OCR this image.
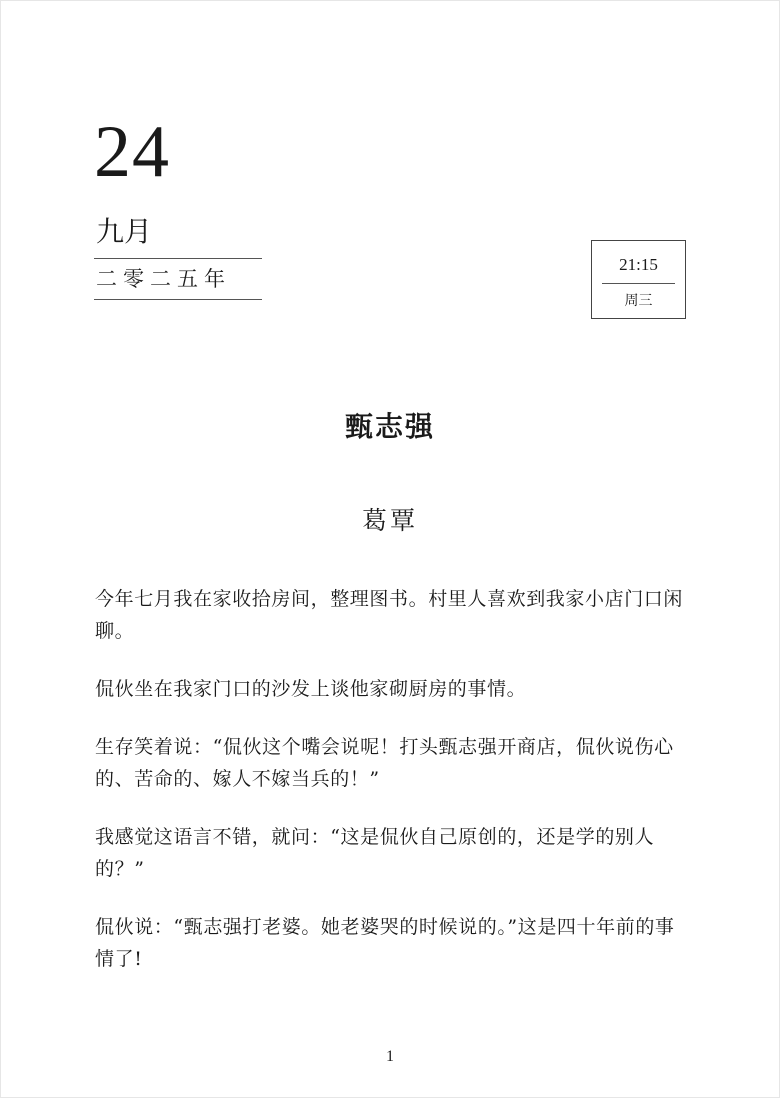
24
九月
二零二五年
21:15
周三
甄志强
葛覃

今年七月我在家收拾房间，整理图书。村里人喜欢到我家小店门口闲聊。

侃伙坐在我家门口的沙发上谈他家砌厨房的事情。

生存笑着说：“侃伙这个嘴会说呢！打头甄志强开商店，侃伙说伤心的、苦命的、嫁人不嫁当兵的！”

我感觉这语言不错，就问：“这是侃伙自己原创的，还是学的别人的？”

侃伙说：“甄志强打老婆。她老婆哭的时候说的。”这是四十年前的事情了!

1
